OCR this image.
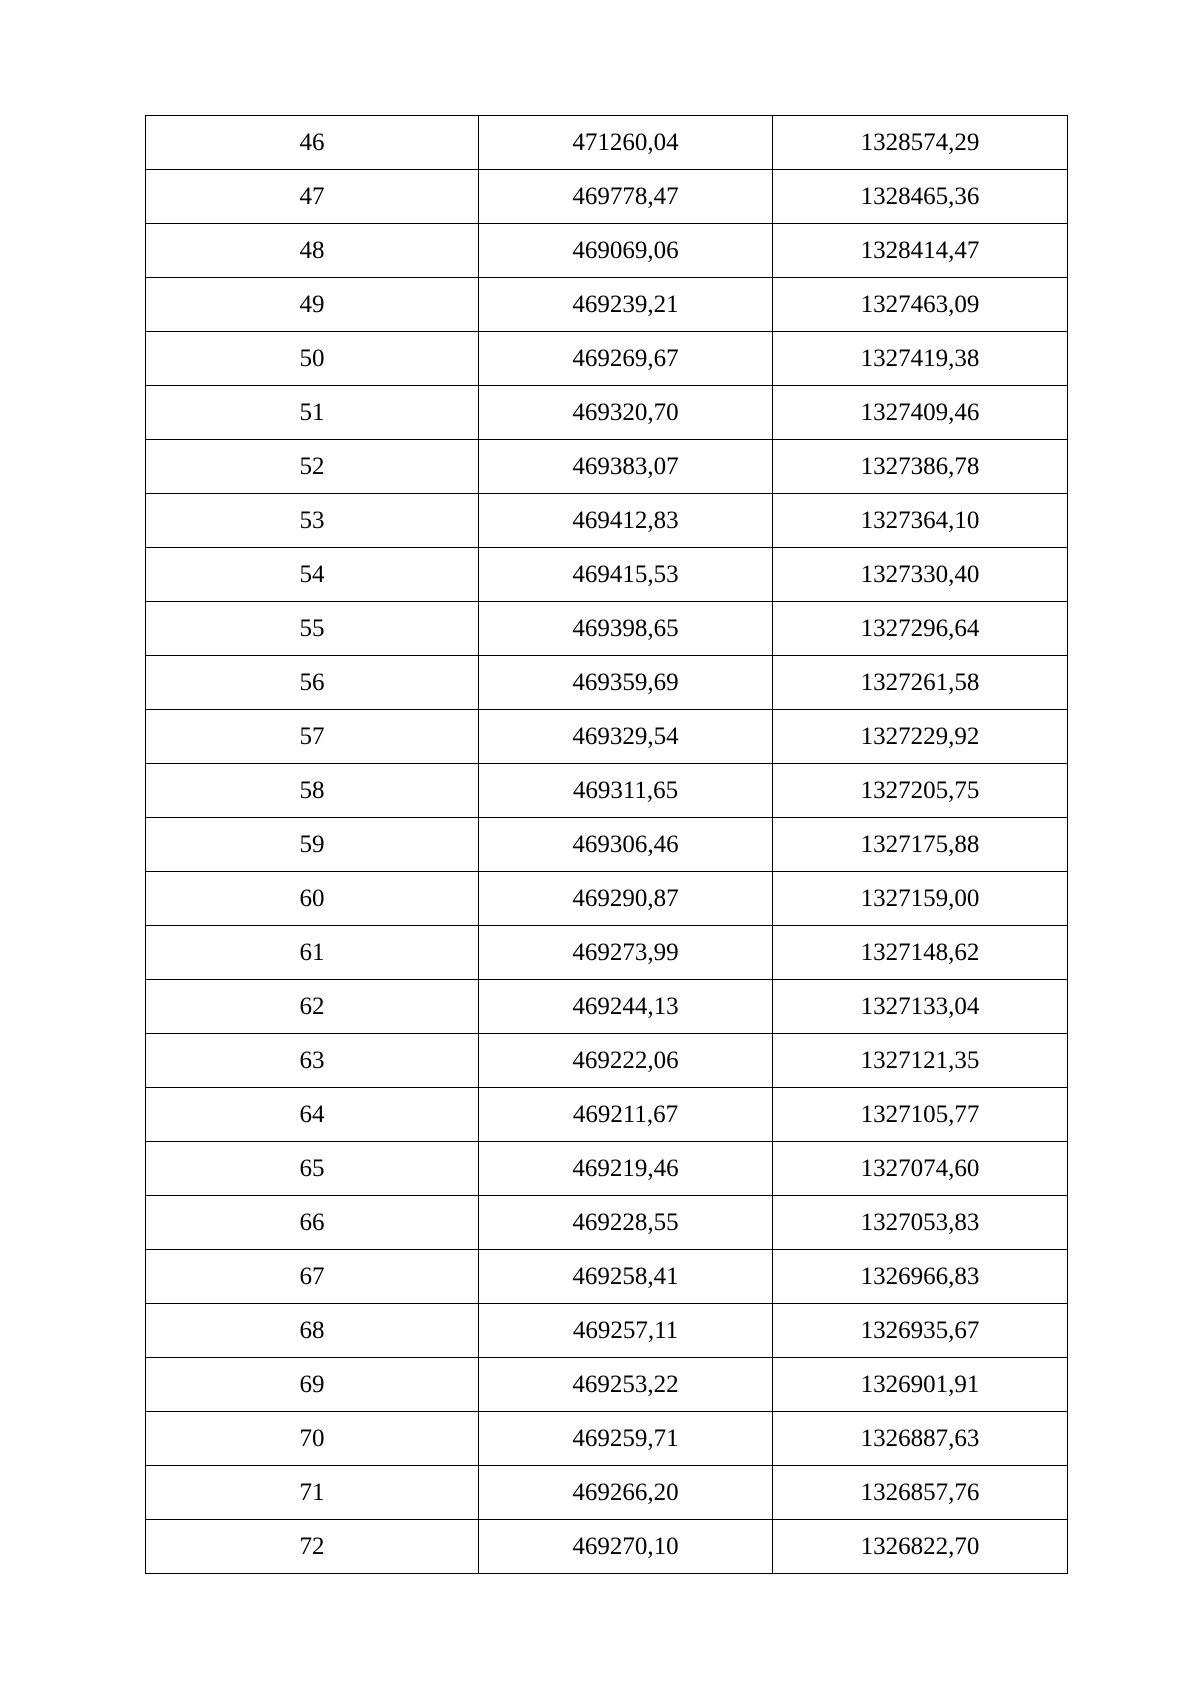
46	471260,04	1328574,29
47	469778,47	1328465,36
48	469069,06	1328414,47
49	469239,21	1327463,09
50	469269,67	1327419,38
51	469320,70	1327409,46
52	469383,07	1327386,78
53	469412,83	1327364,10
54	469415,53	1327330,40
55	469398,65	1327296,64
56	469359,69	1327261,58
57	469329,54	1327229,92
58	469311,65	1327205,75
59	469306,46	1327175,88
60	469290,87	1327159,00
61	469273,99	1327148,62
62	469244,13	1327133,04
63	469222,06	1327121,35
64	469211,67	1327105,77
65	469219,46	1327074,60
66	469228,55	1327053,83
67	469258,41	1326966,83
68	469257,11	1326935,67
69	469253,22	1326901,91
70	469259,71	1326887,63
71	469266,20	1326857,76
72	469270,10	1326822,70
